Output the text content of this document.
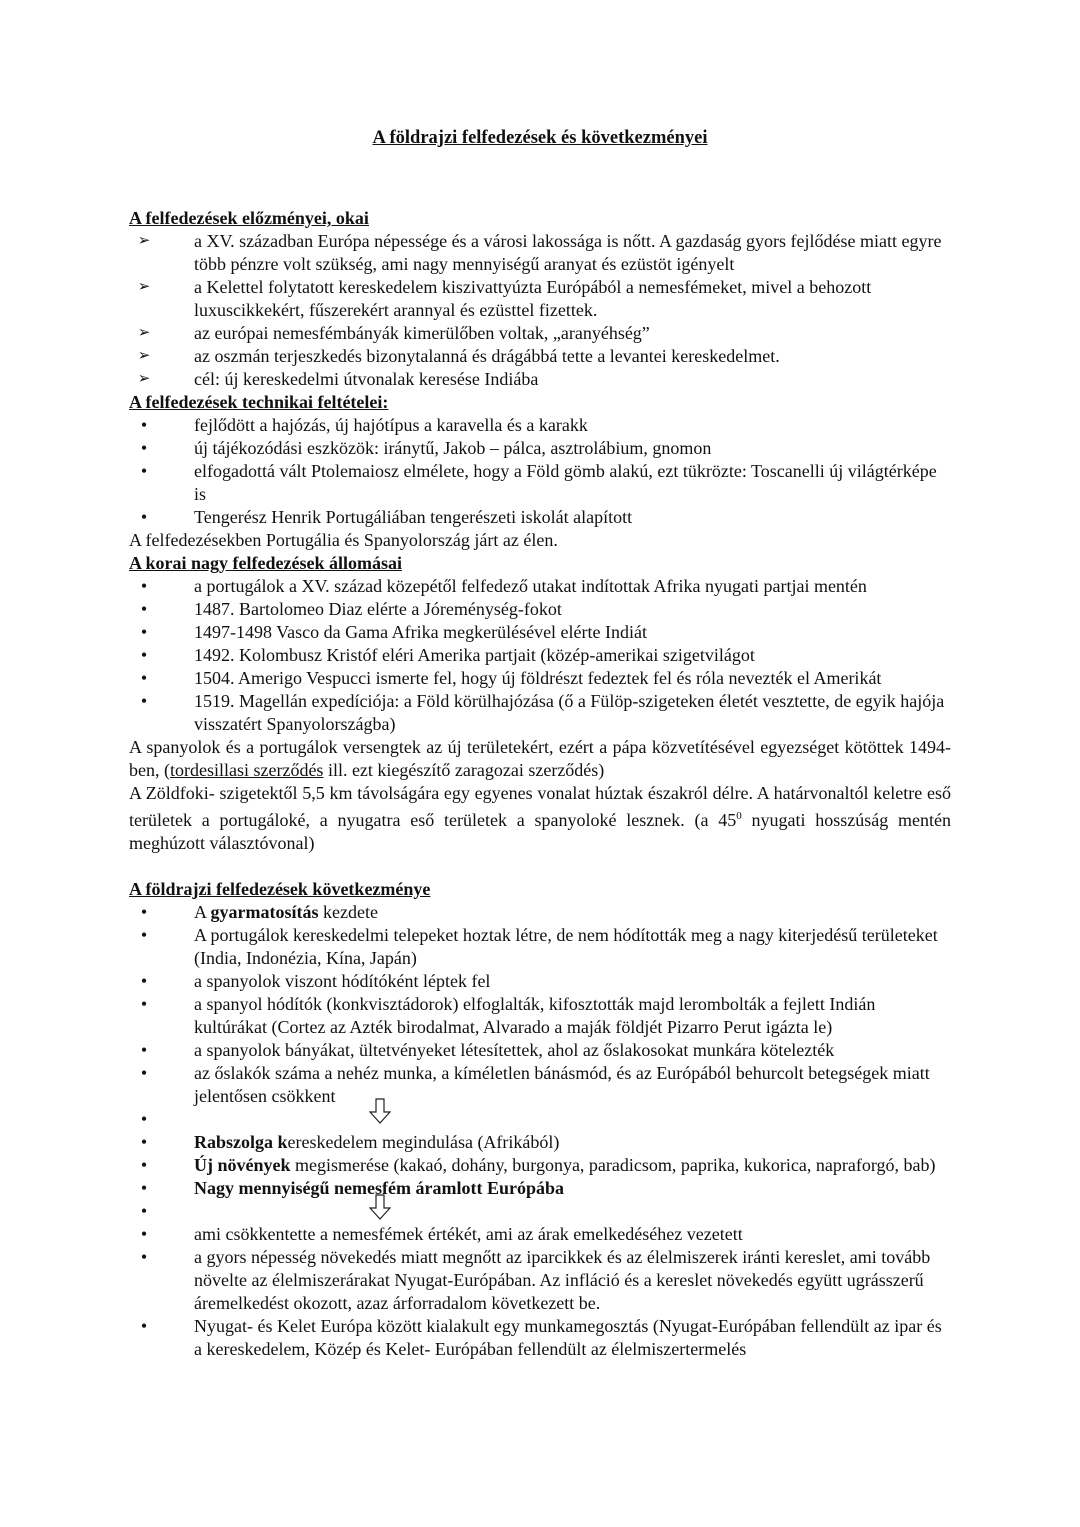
A földrajzi felfedezések és következményei
A felfedezések előzményei, okai
➢	a XV. században Európa népessége és a városi lakossága is nőtt. A gazdaság gyors fejlődése miatt egyre több pénzre volt szükség, ami nagy mennyiségű aranyat és ezüstöt igényelt
➢	a Kelettel folytatott kereskedelem kiszivattyúzta Európából a nemesfémeket, mivel a behozott luxuscikkekért, fűszerekért arannyal és ezüsttel fizettek.
➢	az európai nemesfémbányák kimerülőben voltak, „aranyéhség”
➢	az oszmán terjeszkedés bizonytalanná és drágábbá tette a levantei kereskedelmet.
➢	cél: új kereskedelmi útvonalak keresése Indiába
A felfedezések technikai feltételei:
•	fejlődött a hajózás, új hajótípus a karavella és a karakk
•	új tájékozódási eszközök: iránytű, Jakob – pálca, asztrolábium, gnomon
•	elfogadottá vált Ptolemaiosz elmélete, hogy a Föld gömb alakú, ezt tükrözte: Toscanelli új világtérképe is
•	Tengerész Henrik Portugáliában tengerészeti iskolát alapított

A felfedezésekben Portugália és Spanyolország járt az élen.

A korai nagy felfedezések állomásai
•	a portugálok a XV. század közepétől felfedező utakat indítottak Afrika nyugati partjai mentén
•	1487. Bartolomeo Diaz elérte a Jóreménység-fokot
•	1497-1498 Vasco da Gama Afrika megkerülésével elérte Indiát
•	1492. Kolombusz Kristóf eléri Amerika partjait (közép-amerikai szigetvilágot
•	1504. Amerigo Vespucci ismerte fel, hogy új földrészt fedeztek fel és róla nevezték el Amerikát
•	1519. Magellán expedíciója: a Föld körülhajózása (ő a Fülöp-szigeteken életét vesztette, de egyik hajója visszatért Spanyolországba)

A spanyolok és a portugálok versengtek az új területekért, ezért a pápa közvetítésével egyezséget kötöttek 1494-ben, (tordesillasi szerződés ill. ezt kiegészítő zaragozai szerződés)

A Zöldfoki- szigetektől 5,5 km távolságára egy egyenes vonalat húztak északról délre. A határvonaltól keletre eső területek a portugáloké, a nyugatra eső területek a spanyoloké lesznek. (a $45^0$ nyugati hosszúság mentén meghúzott választóvonal)

A földrajzi felfedezések következménye
•	A gyarmatosítás kezdete
•	A portugálok kereskedelmi telepeket hoztak létre, de nem hódították meg a nagy kiterjedésű területeket (India, Indonézia, Kína, Japán)
•	a spanyolok viszont hódítóként léptek fel
•	a spanyol hódítók (konkvisztádorok) elfoglalták, kifosztották majd lerombolták a fejlett Indián kultúrákat (Cortez az Azték birodalmat, Alvarado a maják földjét Pizarro Perut igázta le)
•	a spanyolok bányákat, ültetvényeket létesítettek, ahol az őslakosokat munkára kötelezték
•	az őslakók száma a nehéz munka, a kíméletlen bánásmód, és az Európából behurcolt betegségek miatt jelentősen csökkent
•
•	Rabszolga kereskedelem megindulása (Afrikából)
•	Új növények megismerése (kakaó, dohány, burgonya, paradicsom, paprika, kukorica, napraforgó, bab)
•	Nagy mennyiségű nemesfém áramlott Európába
•
•	ami csökkentette a nemesfémek értékét, ami az árak emelkedéséhez vezetett
•	a gyors népesség növekedés miatt megnőtt az iparcikkek és az élelmiszerek iránti kereslet, ami tovább növelte az élelmiszerárakat Nyugat-Európában. Az infláció és a kereslet növekedés együtt ugrásszerű áremelkedést okozott, azaz árforradalom következett be.
•	Nyugat- és Kelet Európa között kialakult egy munkamegosztás (Nyugat-Európában fellendült az ipar és a kereskedelem, Közép és Kelet- Európában fellendült az élelmiszertermelés
